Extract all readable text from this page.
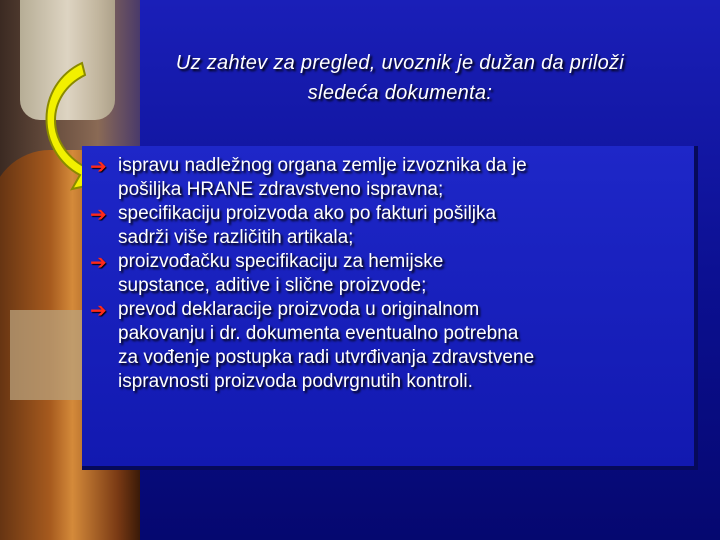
Uz zahtev za pregled, uvoznik je dužan da priloži
sledeća dokumenta:
➔ ispravu nadležnog organa zemlje izvoznika da je
pošiljka HRANE zdravstveno ispravna;
➔ specifikaciju proizvoda ako po fakturi pošiljka
sadrži više različitih artikala;
➔ proizvođačku specifikaciju za hemijske
supstance, aditive i slične proizvode;
➔ prevod deklaracije proizvoda u originalnom
pakovanju i dr. dokumenta eventualno potrebna
za vođenje postupka radi utvrđivanja zdravstvene
ispravnosti proizvoda podvrgnutih kontroli.
